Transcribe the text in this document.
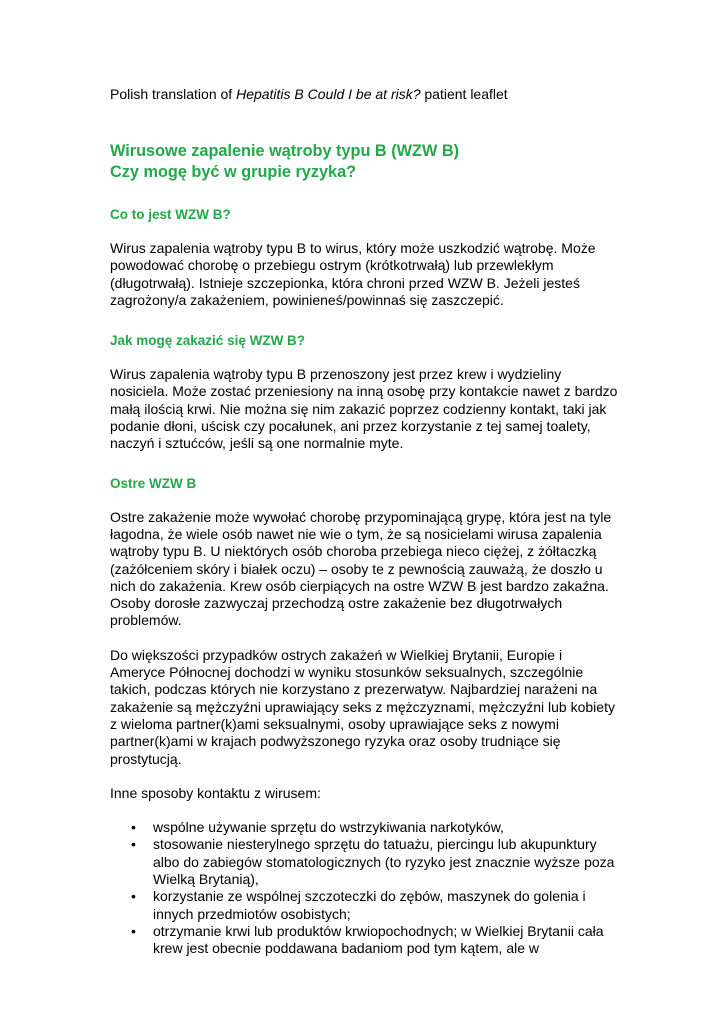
Polish translation of Hepatitis B Could I be at risk? patient leaflet

Wirusowe zapalenie wątroby typu B (WZW B)
Czy mogę być w grupie ryzyka?
Co to jest WZW B?

Wirus zapalenia wątroby typu B to wirus, który może uszkodzić wątrobę. Może powodować chorobę o przebiegu ostrym (krótkotrwałą) lub przewlekłym (długotrwałą). Istnieje szczepionka, która chroni przed WZW B. Jeżeli jesteś zagrożony/a zakażeniem, powinieneś/powinnaś się zaszczepić.

Jak mogę zakazić się WZW B?

Wirus zapalenia wątroby typu B przenoszony jest przez krew i wydzieliny nosiciela. Może zostać przeniesiony na inną osobę przy kontakcie nawet z bardzo małą ilością krwi. Nie można się nim zakazić poprzez codzienny kontakt, taki jak podanie dłoni, uścisk czy pocałunek, ani przez korzystanie z tej samej toalety, naczyń i sztućców, jeśli są one normalnie myte.

Ostre WZW B

Ostre zakażenie może wywołać chorobę przypominającą grypę, która jest na tyle łagodna, że wiele osób nawet nie wie o tym, że są nosicielami wirusa zapalenia wątroby typu B. U niektórych osób choroba przebiega nieco ciężej, z żółtaczką (zażółceniem skóry i białek oczu) – osoby te z pewnością zauważą, że doszło u nich do zakażenia. Krew osób cierpiących na ostre WZW B jest bardzo zakaźna. Osoby dorosłe zazwyczaj przechodzą ostre zakażenie bez długotrwałych problemów.

Do większości przypadków ostrych zakażeń w Wielkiej Brytanii, Europie i Ameryce Północnej dochodzi w wyniku stosunków seksualnych, szczególnie takich, podczas których nie korzystano z prezerwatyw. Najbardziej narażeni na zakażenie są mężczyźni uprawiający seks z mężczyznami, mężczyźni lub kobiety z wieloma partner(k)ami seksualnymi, osoby uprawiające seks z nowymi partner(k)ami w krajach podwyższonego ryzyka oraz osoby trudniące się prostytucją.

Inne sposoby kontaktu z wirusem:

• wspólne używanie sprzętu do wstrzykiwania narkotyków,
• stosowanie niesterylnego sprzętu do tatuażu, piercingu lub akupunktury albo do zabiegów stomatologicznych (to ryzyko jest znacznie wyższe poza Wielką Brytanią),
• korzystanie ze wspólnej szczoteczki do zębów, maszynek do golenia i innych przedmiotów osobistych;
• otrzymanie krwi lub produktów krwiopochodnych; w Wielkiej Brytanii cała krew jest obecnie poddawana badaniom pod tym kątem, ale w
